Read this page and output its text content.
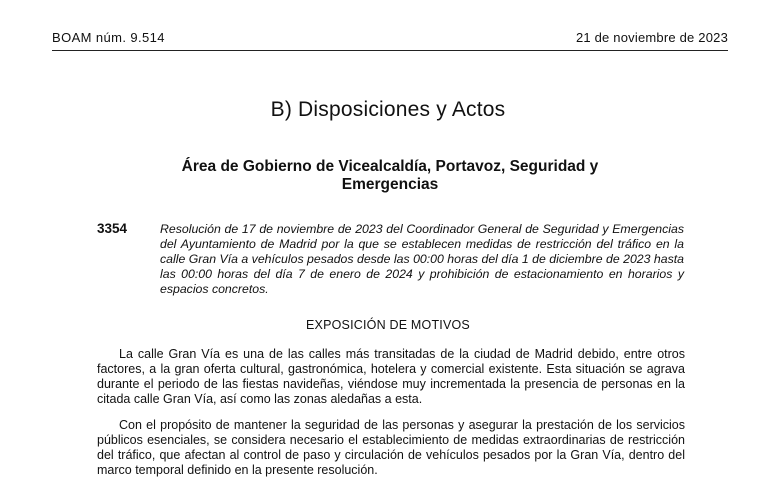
BOAM núm. 9.514	21 de noviembre de 2023
B) Disposiciones y Actos
Área de Gobierno de Vicealcaldía, Portavoz, Seguridad y Emergencias
3354	Resolución de 17 de noviembre de 2023 del Coordinador General de Seguridad y Emergencias del Ayuntamiento de Madrid por la que se establecen medidas de restricción del tráfico en la calle Gran Vía a vehículos pesados desde las 00:00 horas del día 1 de diciembre de 2023 hasta las 00:00 horas del día 7 de enero de 2024 y prohibición de estacionamiento en horarios y espacios concretos.

EXPOSICIÓN DE MOTIVOS

La calle Gran Vía es una de las calles más transitadas de la ciudad de Madrid debido, entre otros factores, a la gran oferta cultural, gastronómica, hotelera y comercial existente. Esta situación se agrava durante el periodo de las fiestas navideñas, viéndose muy incrementada la presencia de personas en la citada calle Gran Vía, así como las zonas aledañas a esta.

Con el propósito de mantener la seguridad de las personas y asegurar la prestación de los servicios públicos esenciales, se considera necesario el establecimiento de medidas extraordinarias de restricción del tráfico, que afectan al control de paso y circulación de vehículos pesados por la Gran Vía, dentro del marco temporal definido en la presente resolución.
